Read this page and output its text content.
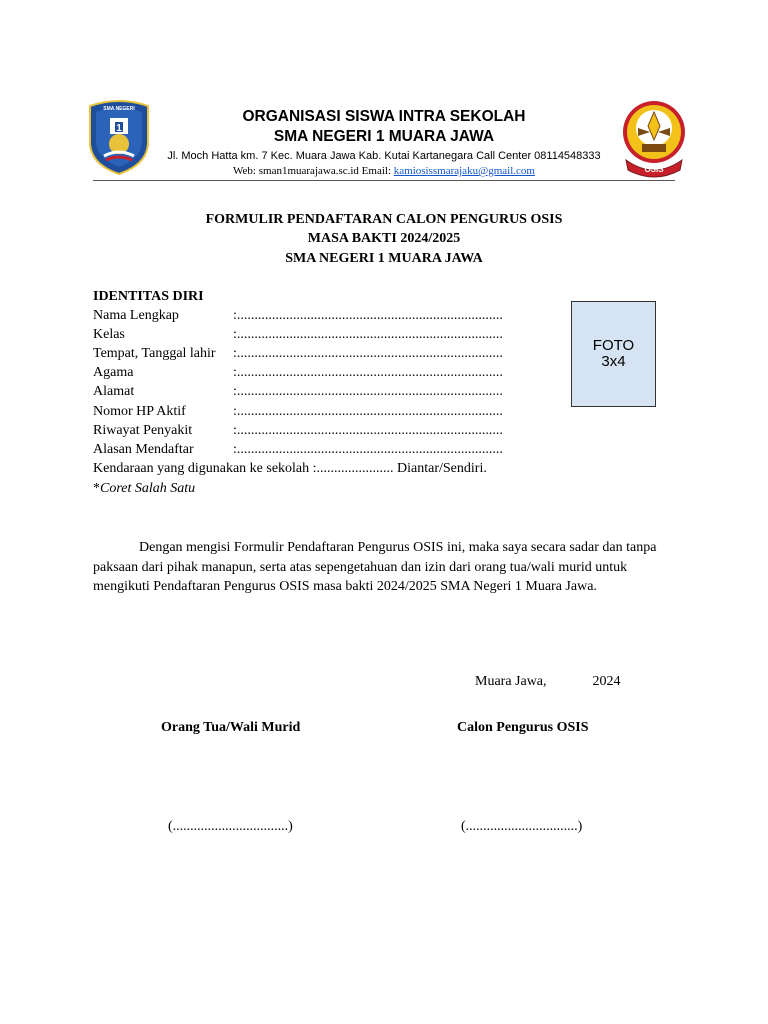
SMA NEGERI
1
OSIS
ORGANISASI SISWA INTRA SEKOLAH
SMA NEGERI 1 MUARA JAWA
Jl. Moch Hatta km. 7 Kec. Muara Jawa Kab. Kutai Kartanegara Call Center 08114548333
Web: sman1muarajawa.sc.id Email: kamiosissmarajaku@gmail.com
FORMULIR PENDAFTARAN CALON PENGURUS OSIS
MASA BAKTI 2024/2025
SMA NEGERI 1 MUARA JAWA
IDENTITAS DIRI
Nama Lengkap	:............................................................................
Kelas	:............................................................................
Tempat, Tanggal lahir :............................................................................
Agama	:............................................................................
Alamat	:............................................................................
Nomor HP Aktif	:............................................................................
Riwayat Penyakit	:............................................................................
Alasan Mendaftar	:............................................................................
Kendaraan yang digunakan ke sekolah :...................... Diantar/Sendiri.
*Coret Salah Satu
FOTO
3x4
Dengan mengisi Formulir Pendaftaran Pengurus OSIS ini, maka saya secara sadar dan tanpa paksaan dari pihak manapun, serta atas sepengetahuan dan izin dari orang tua/wali murid untuk mengikuti Pendaftaran Pengurus OSIS masa bakti 2024/2025 SMA Negeri 1 Muara Jawa.
Muara Jawa,	2024
Orang Tua/Wali Murid	Calon Pengurus OSIS
(.................................)	(................................)
